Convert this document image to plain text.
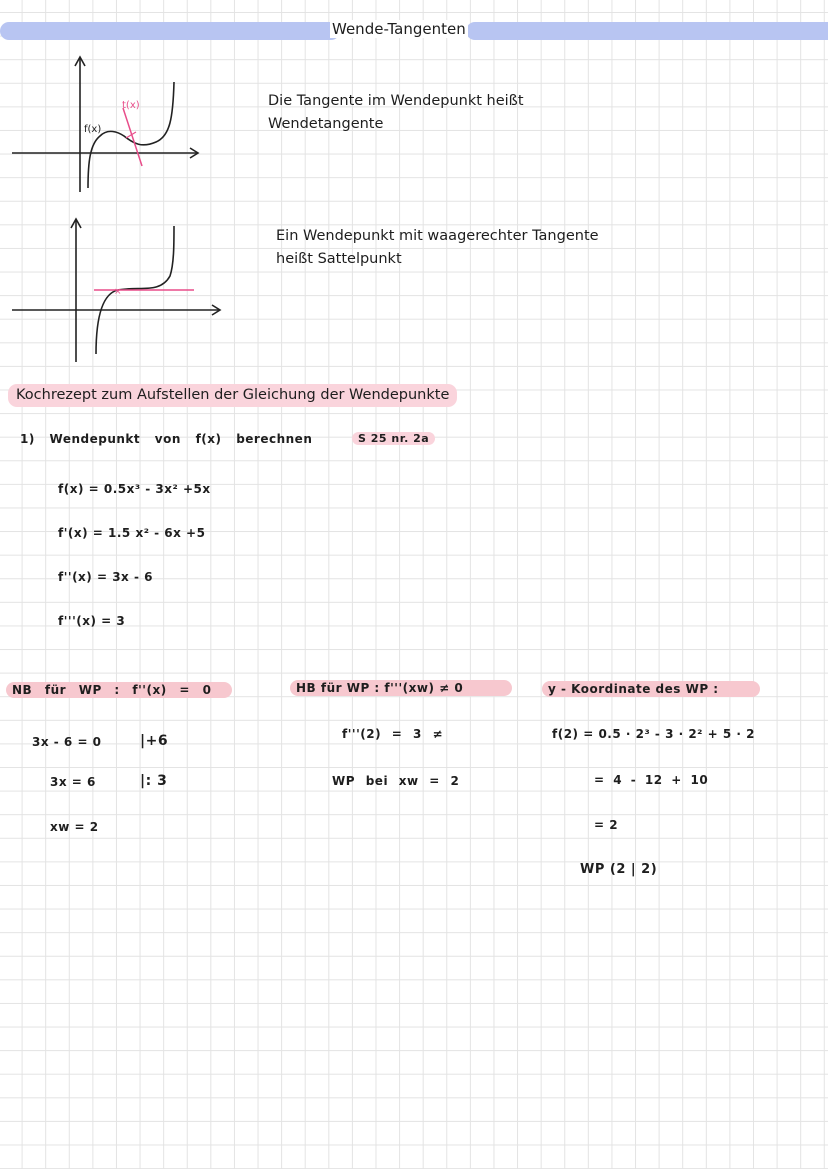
Wende-Tangenten
f(x)
t(x)
×
Die Tangente im Wendepunkt heißt Wendetangente
Ein Wendepunkt mit waagerechter Tangente heißt Sattelpunkt
Kochrezept zum Aufstellen der Gleichung der Wendepunkte
1) Wendepunkt von f(x) berechnen	S 25 nr. 2a
f(x) = 0.5x³ - 3x² +5x
f'(x) = 1.5 x² - 6x +5
f''(x) = 3x - 6
f'''(x) = 3
NB für WP : f''(x) = 0
3x - 6 = 0	|+6
3x = 6	|: 3
xw = 2
HB für WP : f'''(xw) ≠ 0
f'''(2) = 3 ≠
WP bei xw = 2
y - Koordinate des WP :
f(2) = 0.5 · 2³ - 3 · 2² + 5 · 2
= 4 - 12 + 10
= 2
WP (2 | 2)
